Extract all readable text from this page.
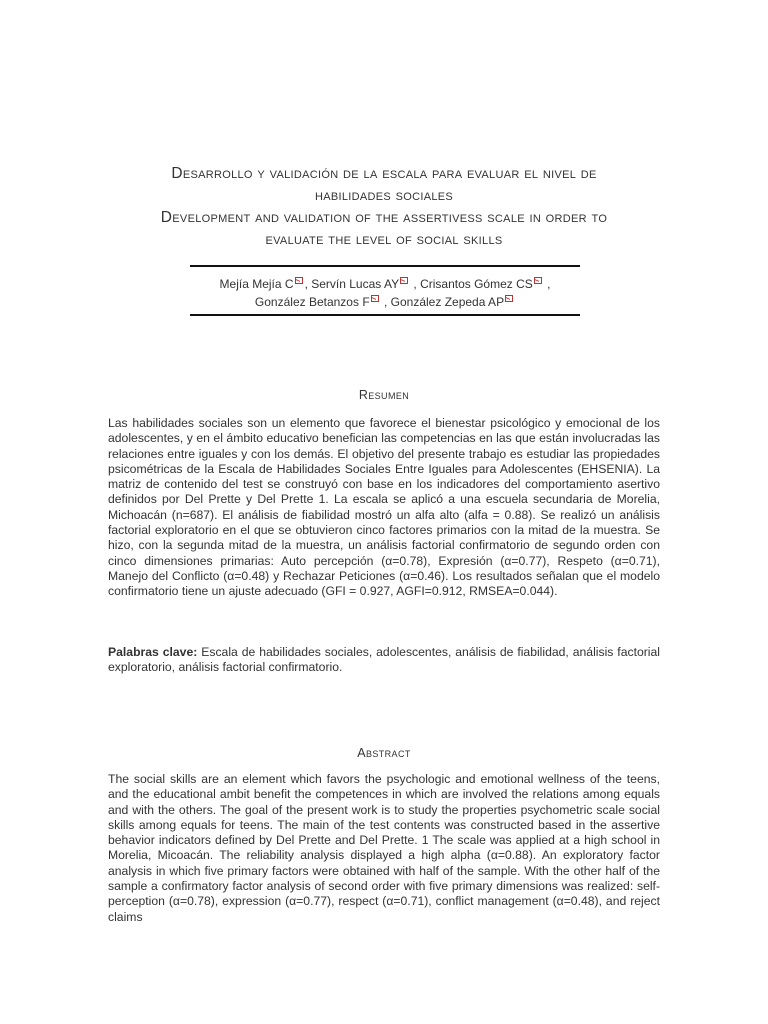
Desarrollo y validación de la escala para evaluar el nivel de
habilidades sociales
Development and validation of the assertivess scale in order to
evaluate the level of social skills
Mejía Mejía C , Servín Lucas AY , Crisantos Gómez CS ,
González Betanzos F , González Zepeda AP
Resumen

Las habilidades sociales son un elemento que favorece el bienestar psicológico y emocional de los adolescentes, y en el ámbito educativo benefician las competencias en las que están involucradas las relaciones entre iguales y con los demás. El objetivo del presente trabajo es estudiar las propiedades psicométricas de la Escala de Habilidades Sociales Entre Iguales para Adolescentes (EHSENIA). La matriz de contenido del test se construyó con base en los indicadores del comportamiento asertivo definidos por Del Prette y Del Prette 1. La escala se aplicó a una escuela secundaria de Morelia, Michoacán (n=687). El análisis de fiabilidad mostró un alfa alto (alfa = 0.88). Se realizó un análisis factorial exploratorio en el que se obtuvieron cinco factores primarios con la mitad de la muestra. Se hizo, con la segunda mitad de la muestra, un análisis factorial confirmatorio de segundo orden con cinco dimensiones primarias: Auto percepción (α=0.78), Expresión (α=0.77), Respeto (α=0.71), Manejo del Conflicto (α=0.48) y Rechazar Peticiones (α=0.46). Los resultados señalan que el modelo confirmatorio tiene un ajuste adecuado (GFI = 0.927, AGFI=0.912, RMSEA=0.044).

Palabras clave: Escala de habilidades sociales, adolescentes, análisis de fiabilidad, análisis factorial exploratorio, análisis factorial confirmatorio.

Abstract

The social skills are an element which favors the psychologic and emotional wellness of the teens, and the educational ambit benefit the competences in which are involved the relations among equals and with the others. The goal of the present work is to study the properties psychometric scale social skills among equals for teens. The main of the test contents was constructed based in the assertive behavior indicators defined by Del Prette and Del Prette. 1 The scale was applied at a high school in Morelia, Micoacán. The reliability analysis displayed a high alpha (α=0.88). An exploratory factor analysis in which five primary factors were obtained with half of the sample. With the other half of the sample a confirmatory factor analysis of second order with five primary dimensions was realized: self-perception (α=0.78), expression (α=0.77), respect (α=0.71), conflict management (α=0.48), and reject claims
